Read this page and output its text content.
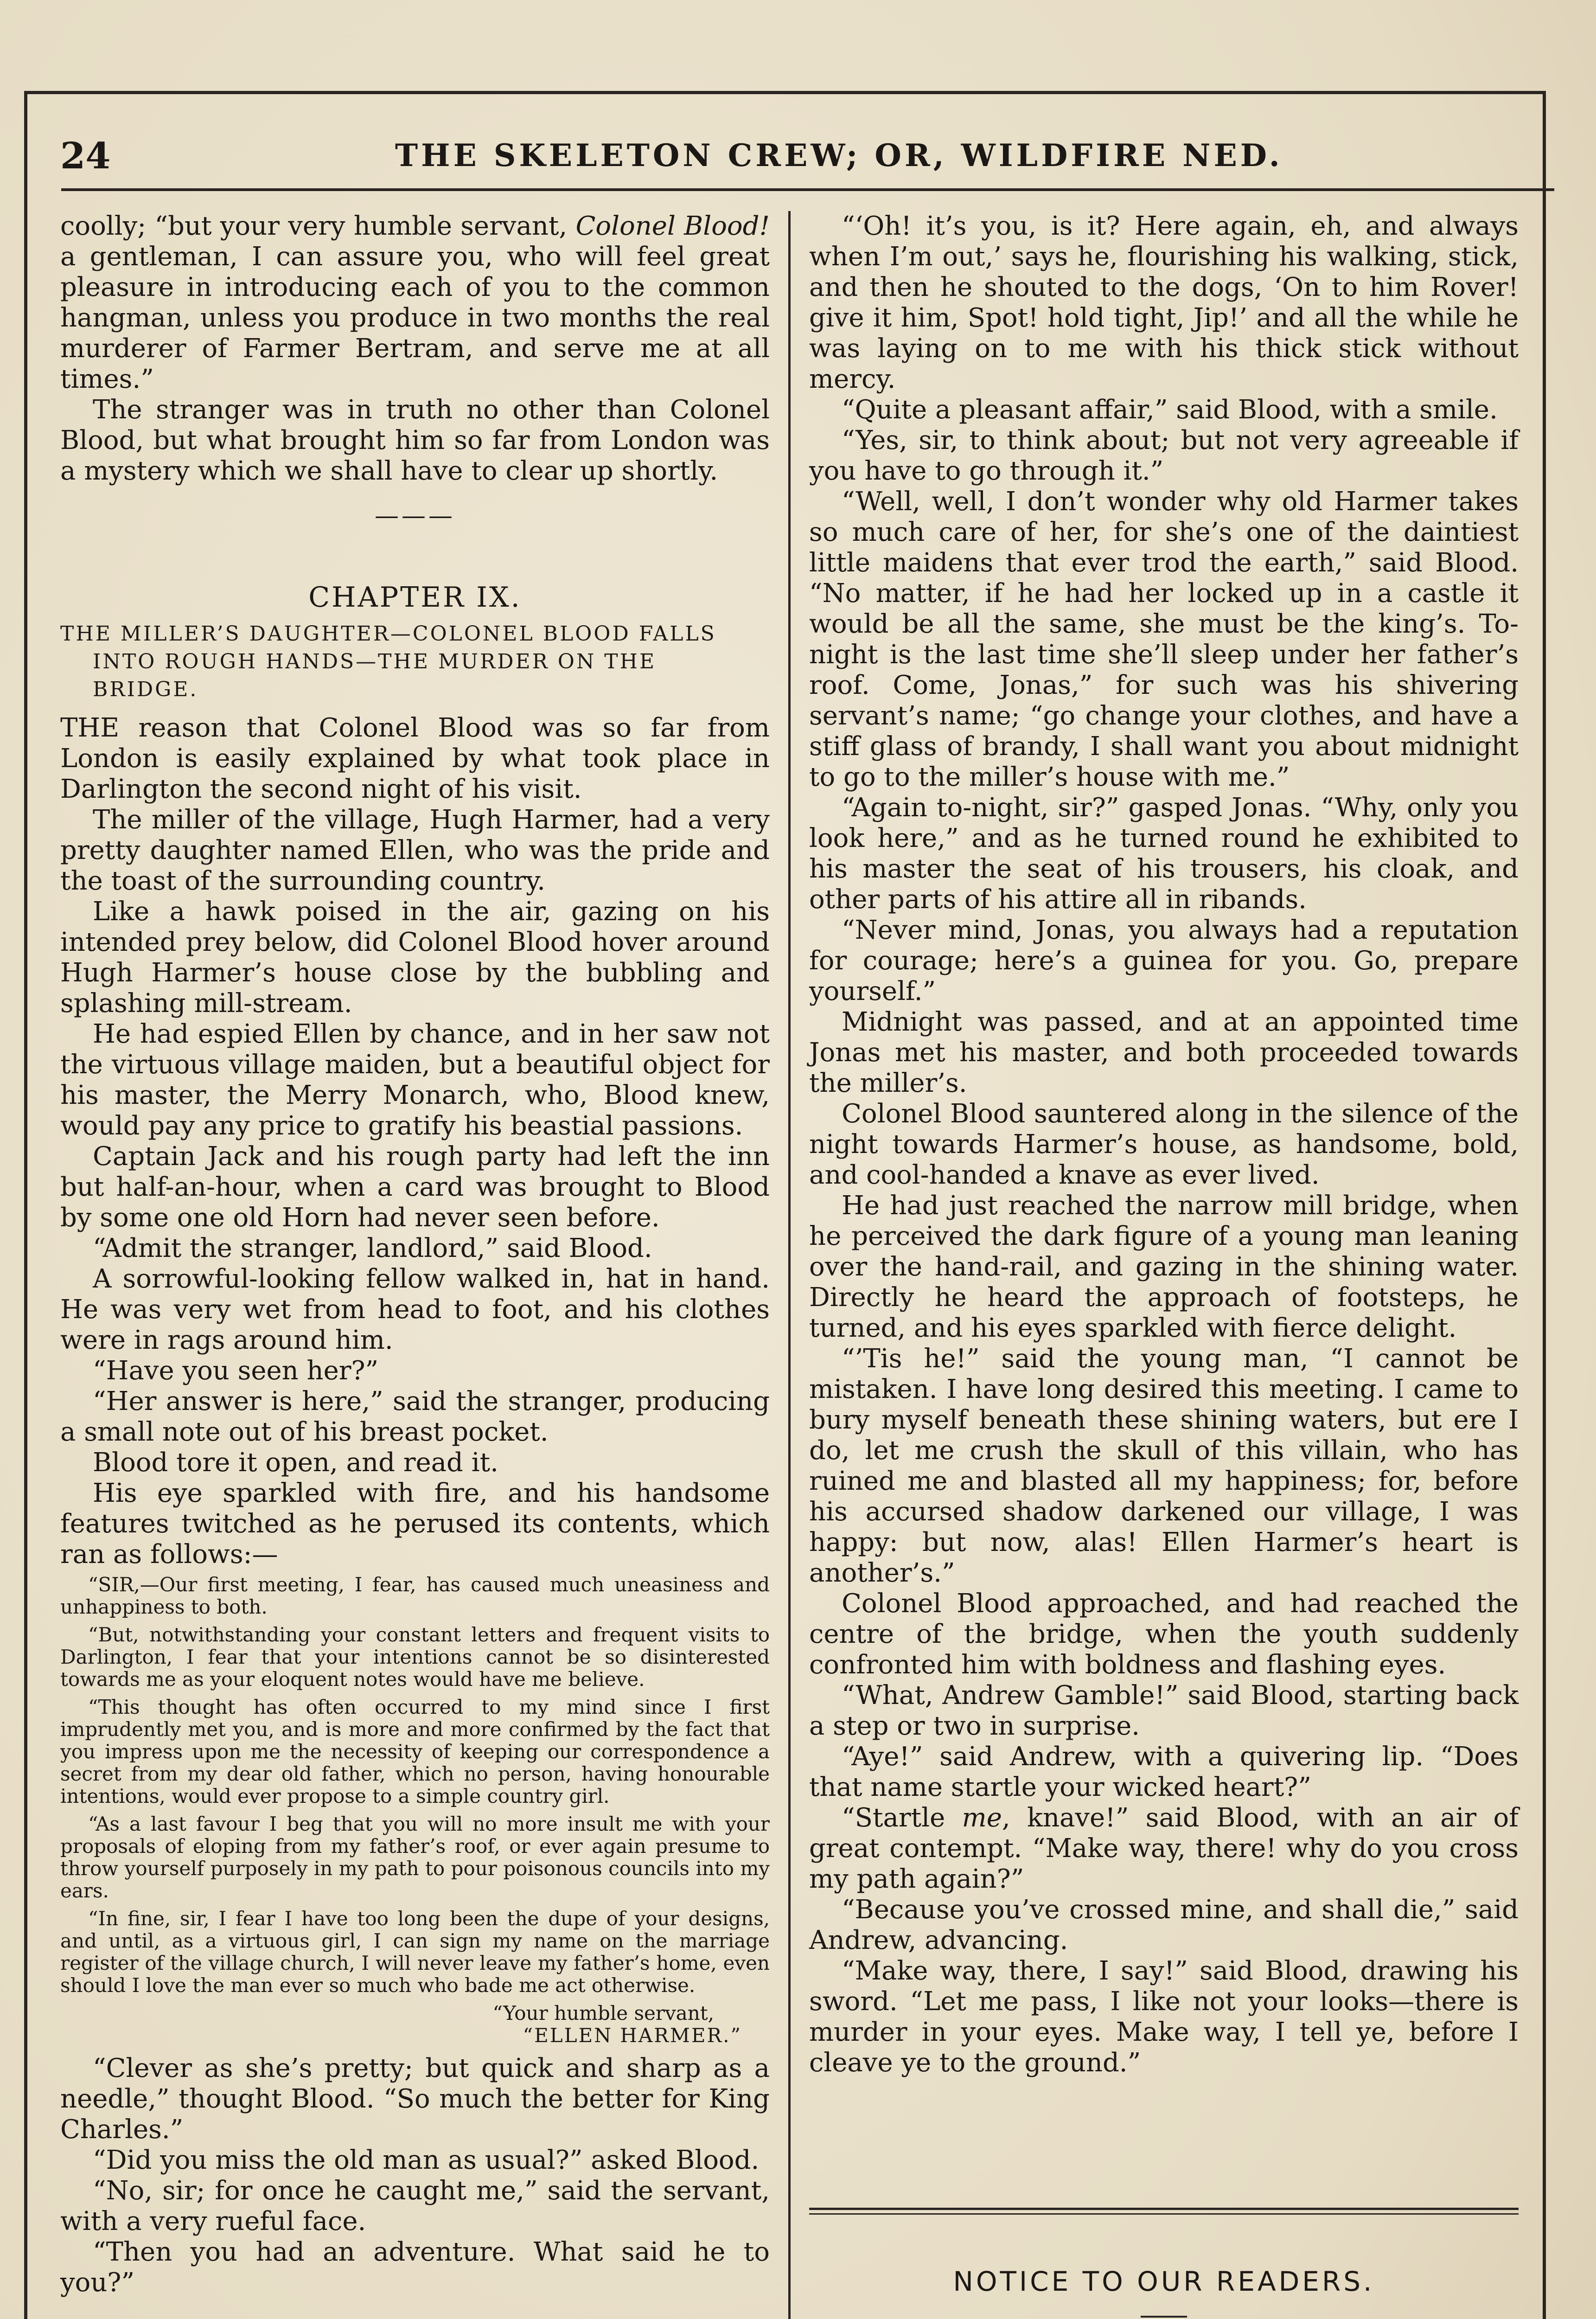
24	THE SKELETON CREW; OR, WILDFIRE NED.

coolly; “but your very humble servant, Colonel Blood! a gentleman, I can assure you, who will feel great pleasure in introducing each of you to the common hangman, unless you produce in two months the real murderer of Farmer Bertram, and serve me at all times.”

The stranger was in truth no other than Colonel Blood, but what brought him so far from London was a mystery which we shall have to clear up shortly.

———
CHAPTER IX.
THE MILLER’S DAUGHTER—COLONEL BLOOD FALLS
INTO ROUGH HANDS—THE MURDER ON THE
BRIDGE.

THE reason that Colonel Blood was so far from London is easily explained by what took place in Darlington the second night of his visit.

The miller of the village, Hugh Harmer, had a very pretty daughter named Ellen, who was the pride and the toast of the surrounding country.

Like a hawk poised in the air, gazing on his intended prey below, did Colonel Blood hover around Hugh Harmer’s house close by the bubbling and splashing mill-stream.

He had espied Ellen by chance, and in her saw not the virtuous village maiden, but a beautiful object for his master, the Merry Monarch, who, Blood knew, would pay any price to gratify his beastial passions.

Captain Jack and his rough party had left the inn but half-an-hour, when a card was brought to Blood by some one old Horn had never seen before.

“Admit the stranger, landlord,” said Blood.

A sorrowful-looking fellow walked in, hat in hand. He was very wet from head to foot, and his clothes were in rags around him.

“Have you seen her?”

“Her answer is here,” said the stranger, producing a small note out of his breast pocket.

Blood tore it open, and read it.

His eye sparkled with fire, and his handsome features twitched as he perused its contents, which ran as follows:—

“SIR,—Our first meeting, I fear, has caused much uneasiness and unhappiness to both.

“But, notwithstanding your constant letters and frequent visits to Darlington, I fear that your intentions cannot be so disinterested towards me as your eloquent notes would have me believe.

“This thought has often occurred to my mind since I first imprudently met you, and is more and more confirmed by the fact that you impress upon me the necessity of keeping our correspondence a secret from my dear old father, which no person, having honourable intentions, would ever propose to a simple country girl.

“As a last favour I beg that you will no more insult me with your proposals of eloping from my father’s roof, or ever again presume to throw yourself purposely in my path to pour poisonous councils into my ears.

“In fine, sir, I fear I have too long been the dupe of your designs, and until, as a virtuous girl, I can sign my name on the marriage register of the village church, I will never leave my father’s home, even should I love the man ever so much who bade me act otherwise.

“Your humble servant,

“ELLEN HARMER.”

“Clever as she’s pretty; but quick and sharp as a needle,” thought Blood. “So much the better for King Charles.”

“Did you miss the old man as usual?” asked Blood.

“No, sir; for once he caught me,” said the servant, with a very rueful face.

“Then you had an adventure. What said he to you?”

“‘Oh! it’s you, is it? Here again, eh, and always when I’m out,’ says he, flourishing his walking, stick, and then he shouted to the dogs, ‘On to him Rover! give it him, Spot! hold tight, Jip!’ and all the while he was laying on to me with his thick stick without mercy.

“Quite a pleasant affair,” said Blood, with a smile.

“Yes, sir, to think about; but not very agreeable if you have to go through it.”

“Well, well, I don’t wonder why old Harmer takes so much care of her, for she’s one of the daintiest little maidens that ever trod the earth,” said Blood. “No matter, if he had her locked up in a castle it would be all the same, she must be the king’s. To-night is the last time she’ll sleep under her father’s roof. Come, Jonas,” for such was his shivering servant’s name; “go change your clothes, and have a stiff glass of brandy, I shall want you about midnight to go to the miller’s house with me.”

“Again to-night, sir?” gasped Jonas. “Why, only you look here,” and as he turned round he exhibited to his master the seat of his trousers, his cloak, and other parts of his attire all in ribands.

“Never mind, Jonas, you always had a reputation for courage; here’s a guinea for you. Go, prepare yourself.”

Midnight was passed, and at an appointed time Jonas met his master, and both proceeded towards the miller’s.

Colonel Blood sauntered along in the silence of the night towards Harmer’s house, as handsome, bold, and cool-handed a knave as ever lived.

He had just reached the narrow mill bridge, when he perceived the dark figure of a young man leaning over the hand-rail, and gazing in the shining water. Directly he heard the approach of footsteps, he turned, and his eyes sparkled with fierce delight.

“’Tis he!” said the young man, “I cannot be mistaken. I have long desired this meeting. I came to bury myself beneath these shining waters, but ere I do, let me crush the skull of this villain, who has ruined me and blasted all my happiness; for, before his accursed shadow darkened our village, I was happy: but now, alas! Ellen Harmer’s heart is another’s.”

Colonel Blood approached, and had reached the centre of the bridge, when the youth suddenly confronted him with boldness and flashing eyes.

“What, Andrew Gamble!” said Blood, starting back a step or two in surprise.

“Aye!” said Andrew, with a quivering lip. “Does that name startle your wicked heart?”

“Startle me, knave!” said Blood, with an air of great contempt. “Make way, there! why do you cross my path again?”

“Because you’ve crossed mine, and shall die,” said Andrew, advancing.

“Make way, there, I say!” said Blood, drawing his sword. “Let me pass, I like not your looks—there is murder in your eyes. Make way, I tell ye, before I cleave ye to the ground.”

NOTICE TO OUR READERS.
